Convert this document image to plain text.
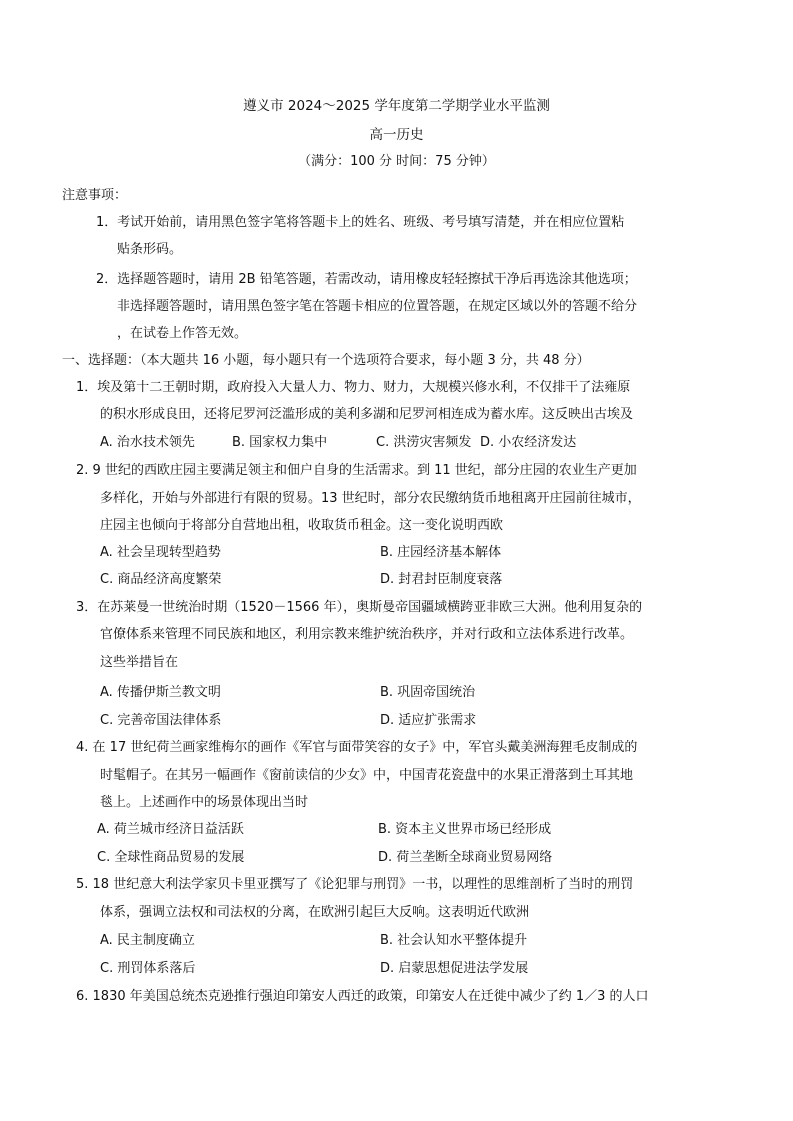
遵义市 2024～2025 学年度第二学期学业水平监测
高一历史
（满分：100 分 时间：75 分钟）
注意事项：
1．考试开始前，请用黑色签字笔将答题卡上的姓名、班级、考号填写清楚，并在相应位置粘
贴条形码。
2．选择题答题时，请用 2B 铅笔答题，若需改动，请用橡皮轻轻擦拭干净后再选涂其他选项；
非选择题答题时，请用黑色签字笔在答题卡相应的位置答题，在规定区域以外的答题不给分
，在试卷上作答无效。
一、选择题：（本大题共 16 小题，每小题只有一个选项符合要求，每小题 3 分，共 48 分）
1．埃及第十二王朝时期，政府投入大量人力、物力、财力，大规模兴修水利，不仅排干了法雍原
的积水形成良田，还将尼罗河泛滥形成的美利多湖和尼罗河相连成为蓄水库。这反映出古埃及
A. 治水技术领先	B. 国家权力集中	C. 洪涝灾害频发 D. 小农经济发达
2. 9 世纪的西欧庄园主要满足领主和佃户自身的生活需求。到 11 世纪，部分庄园的农业生产更加
多样化，开始与外部进行有限的贸易。13 世纪时，部分农民缴纳货币地租离开庄园前往城市，
庄园主也倾向于将部分自营地出租，收取货币租金。这一变化说明西欧
A. 社会呈现转型趋势	B. 庄园经济基本解体
C. 商品经济高度繁荣	D. 封君封臣制度衰落
3．在苏莱曼一世统治时期（1520－1566 年），奥斯曼帝国疆域横跨亚非欧三大洲。他利用复杂的
官僚体系来管理不同民族和地区，利用宗教来维护统治秩序，并对行政和立法体系进行改革。
这些举措旨在
A. 传播伊斯兰教文明	B. 巩固帝国统治
C. 完善帝国法律体系	D. 适应扩张需求
4. 在 17 世纪荷兰画家维梅尔的画作《军官与面带笑容的女子》中，军官头戴美洲海狸毛皮制成的
时髦帽子。在其另一幅画作《窗前读信的少女》中，中国青花瓷盘中的水果正滑落到土耳其地
毯上。上述画作中的场景体现出当时
A. 荷兰城市经济日益活跃	B. 资本主义世界市场已经形成
C. 全球性商品贸易的发展	D. 荷兰垄断全球商业贸易网络
5. 18 世纪意大利法学家贝卡里亚撰写了《论犯罪与刑罚》一书，以理性的思维剖析了当时的刑罚
体系，强调立法权和司法权的分离，在欧洲引起巨大反响。这表明近代欧洲
A. 民主制度确立	B. 社会认知水平整体提升
C. 刑罚体系落后	D. 启蒙思想促进法学发展
6. 1830 年美国总统杰克逊推行强迫印第安人西迁的政策，印第安人在迁徙中减少了约 1／3 的人口
